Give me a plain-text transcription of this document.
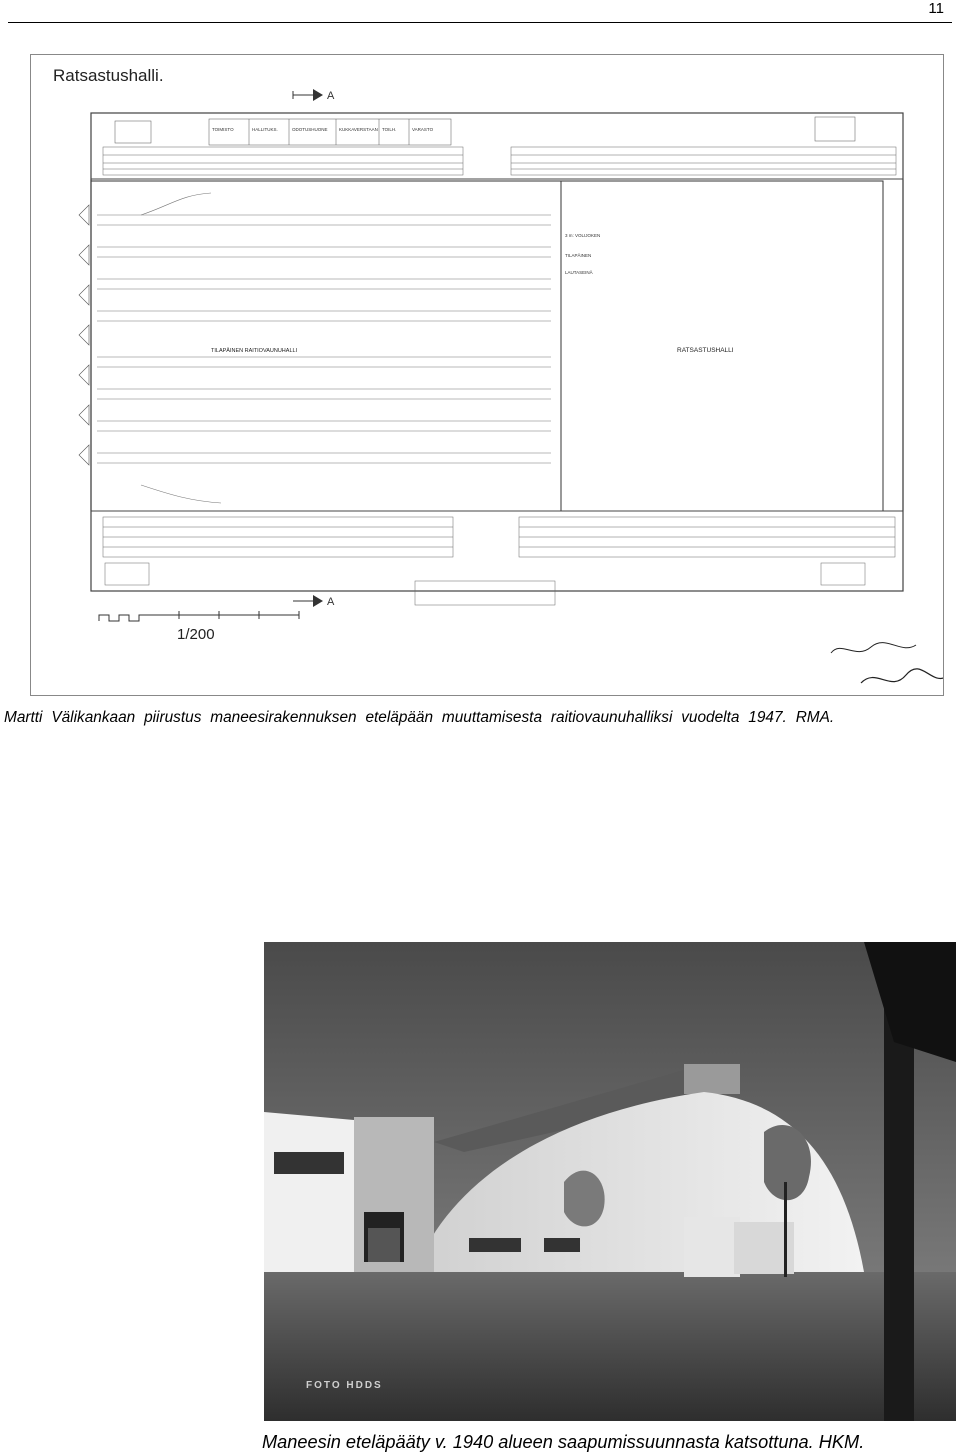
11
Ratsastushalli.
A
TOIMISTO	HALLITUKS.	ODOTUSHUONE	KUKKAVERSTAAN TOILH.	VARASTO
TILAPÄINEN RAITIOVAUNUHALLI	RATSASTUSHALLI
3 m: VOLIJOKEN
TILAPÄINEN
LAUTASEINÄ
1/200
A
Martti Välikankaan piirustus maneesirakennuksen eteläpään muuttamisesta raitiovaunuhalliksi vuodelta 1947. RMA.
FOTO HDDS
Maneesin eteläpääty v. 1940 alueen saapumissuunnasta katsottuna. HKM.
